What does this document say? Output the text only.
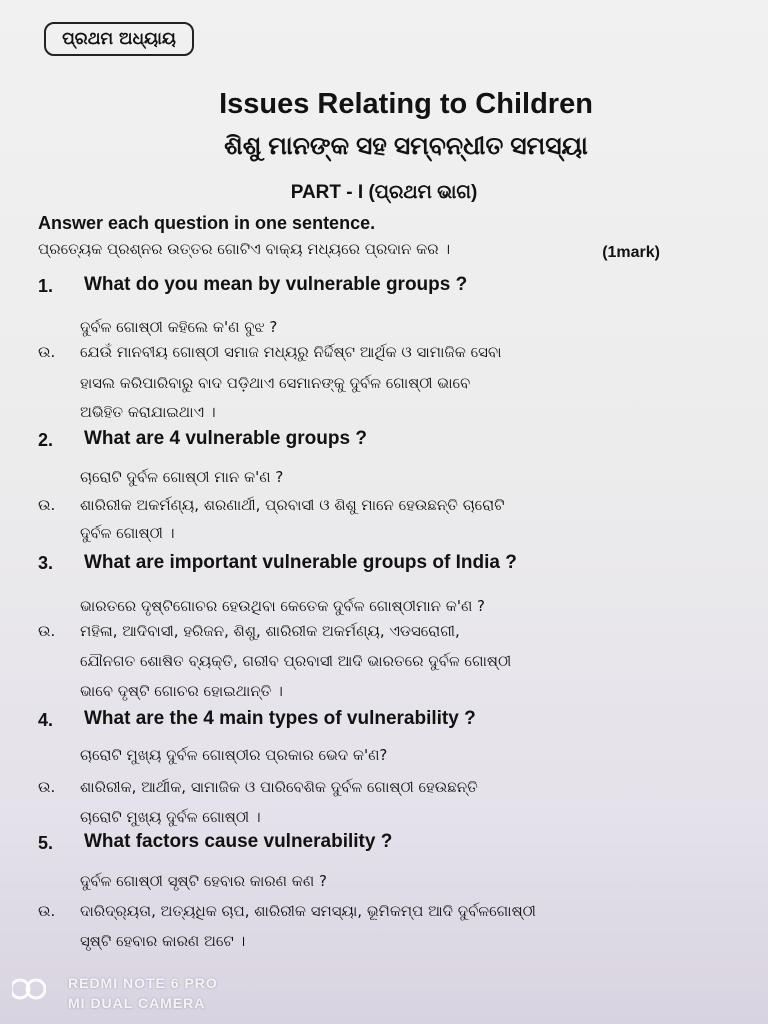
ପ୍ରଥମ ଅଧ୍ୟାୟ
Issues Relating to Children
ଶିଶୁ ମାନଙ୍କ ସହ ସମ୍ବନ୍ଧୀତ ସମସ୍ୟା
PART - I (ପ୍ରଥମ ଭାଗ)
Answer each question in one sentence.
ପ୍ରତ୍ୟେକ ପ୍ରଶ୍ନର ଉତ୍ତର ଗୋଟିଏ ବାକ୍ୟ ମଧ୍ୟରେ ପ୍ରଦାନ କର ।	(1mark)
1. What do you mean by vulnerable groups ?
ଦୁର୍ବଳ ଗୋଷ୍ଠୀ କହିଲେ କ'ଣ ବୁଝ ?
ଉ. ଯେଉଁ ମାନବୀୟ ଗୋଷ୍ଠୀ ସମାଜ ମଧ୍ୟରୁ ନିର୍ଦ୍ଦିଷ୍ଟ ଆର୍ଥିକ ଓ ସାମାଜିକ ସେବା
ହାସଲ କରିପାରିବାରୁ ବାଦ ପଡ଼ିଥାଏ ସେମାନଙ୍କୁ ଦୁର୍ବଳ ଗୋଷ୍ଠୀ ଭାବେ
ଅଭିହିତ କରାଯାଇଥାଏ ।
2. What are 4 vulnerable groups ?
ଚାରୋଟି ଦୁର୍ବଳ ଗୋଷ୍ଠୀ ମାନ କ'ଣ ?
ଉ. ଶାରିରୀକ ଅକର୍ମଣ୍ୟ, ଶରଣାର୍ଥୀ, ପ୍ରବାସୀ ଓ ଶିଶୁ ମାନେ ହେଉଛନ୍ତି ଚାରୋଟି
ଦୁର୍ବଳ ଗୋଷ୍ଠୀ ।
3. What are important vulnerable groups of India ?
ଭାରତରେ ଦୃଷ୍ଟିଗୋଚର ହେଉଥିବା କେତେକ ଦୁର୍ବଳ ଗୋଷ୍ଠୀମାନ କ'ଣ ?
ଉ. ମହିଳା, ଆଦିବାସୀ, ହରିଜନ, ଶିଶୁ, ଶାରିରୀକ ଅକର୍ମଣ୍ୟ, ଏଡସରୋଗୀ,
ଯୌନଗତ ଶୋଷିତ ବ୍ୟକ୍ତି, ଗରୀବ ପ୍ରବାସୀ ଆଦି ଭାରତରେ ଦୁର୍ବଳ ଗୋଷ୍ଠୀ
ଭାବେ ଦୃଷ୍ଟି ଗୋଚର ହୋଇଥାନ୍ତି ।
4. What are the 4 main types of vulnerability ?
ଚାରୋଟି ମୁଖ୍ୟ ଦୁର୍ବଳ ଗୋଷ୍ଠୀର ପ୍ରକାର ଭେଦ କ'ଣ?
ଉ. ଶାରିରୀକ, ଆର୍ଥୀକ, ସାମାଜିକ ଓ ପାରିବେଶିକ ଦୁର୍ବଳ ଗୋଷ୍ଠୀ ହେଉଛନ୍ତି
ଚାରୋଟି ମୁଖ୍ୟ ଦୁର୍ବଳ ଗୋଷ୍ଠୀ ।
5. What factors cause vulnerability ?
ଦୁର୍ବଳ ଗୋଷ୍ଠୀ ସୃଷ୍ଟି ହେବାର କାରଣ କଣ ?
ଉ. ଦାରିଦ୍ର୍ୟତା, ଅତ୍ୟଧିକ ଚାପ, ଶାରିରୀକ ସମସ୍ୟା, ଭୂମିକମ୍ପ ଆଦି ଦୁର୍ବଳଗୋଷ୍ଠୀ
ସୃଷ୍ଟି ହେବାର କାରଣ ଅଟେ ।
REDMI NOTE 6 PRO
MI DUAL CAMERA
